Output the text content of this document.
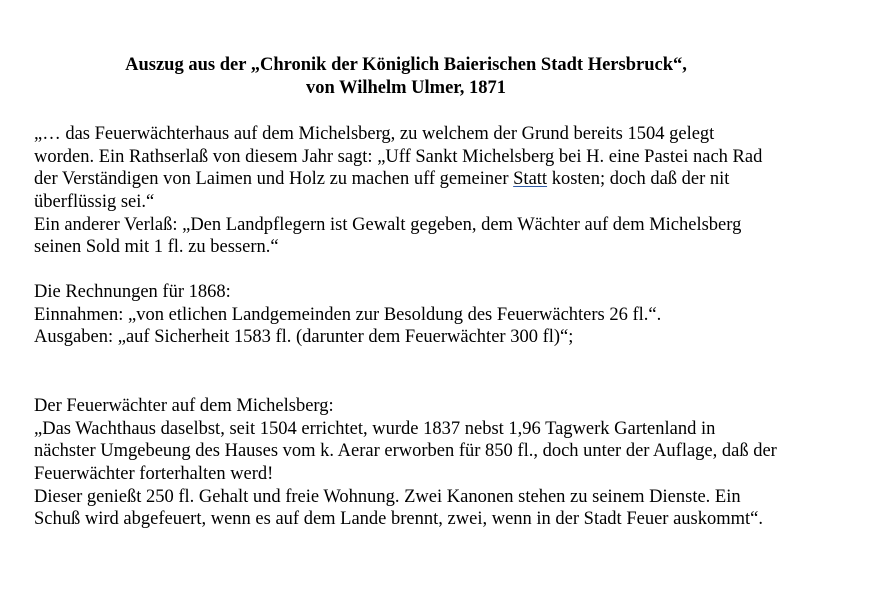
Auszug aus der „Chronik der Königlich Baierischen Stadt Hersbruck“,
von Wilhelm Ulmer, 1871
„… das Feuerwächterhaus auf dem Michelsberg, zu welchem der Grund bereits 1504 gelegt
worden. Ein Rathserlaß von diesem Jahr sagt: „Uff Sankt Michelsberg bei H. eine Pastei nach Rad
der Verständigen von Laimen und Holz zu machen uff gemeiner Statt kosten; doch daß der nit
überflüssig sei.“
Ein anderer Verlaß: „Den Landpflegern ist Gewalt gegeben, dem Wächter auf dem Michelsberg
seinen Sold mit 1 fl. zu bessern.“
Die Rechnungen für 1868:
Einnahmen: „von etlichen Landgemeinden zur Besoldung des Feuerwächters 26 fl.“.
Ausgaben: „auf Sicherheit 1583 fl. (darunter dem Feuerwächter 300 fl)“;
Der Feuerwächter auf dem Michelsberg:
„Das Wachthaus daselbst, seit 1504 errichtet, wurde 1837 nebst 1,96 Tagwerk Gartenland in
nächster Umgebeung des Hauses vom k. Aerar erworben für 850 fl., doch unter der Auflage, daß der
Feuerwächter forterhalten werd!
Dieser genießt 250 fl. Gehalt und freie Wohnung. Zwei Kanonen stehen zu seinem Dienste. Ein
Schuß wird abgefeuert, wenn es auf dem Lande brennt, zwei, wenn in der Stadt Feuer auskommt“.
